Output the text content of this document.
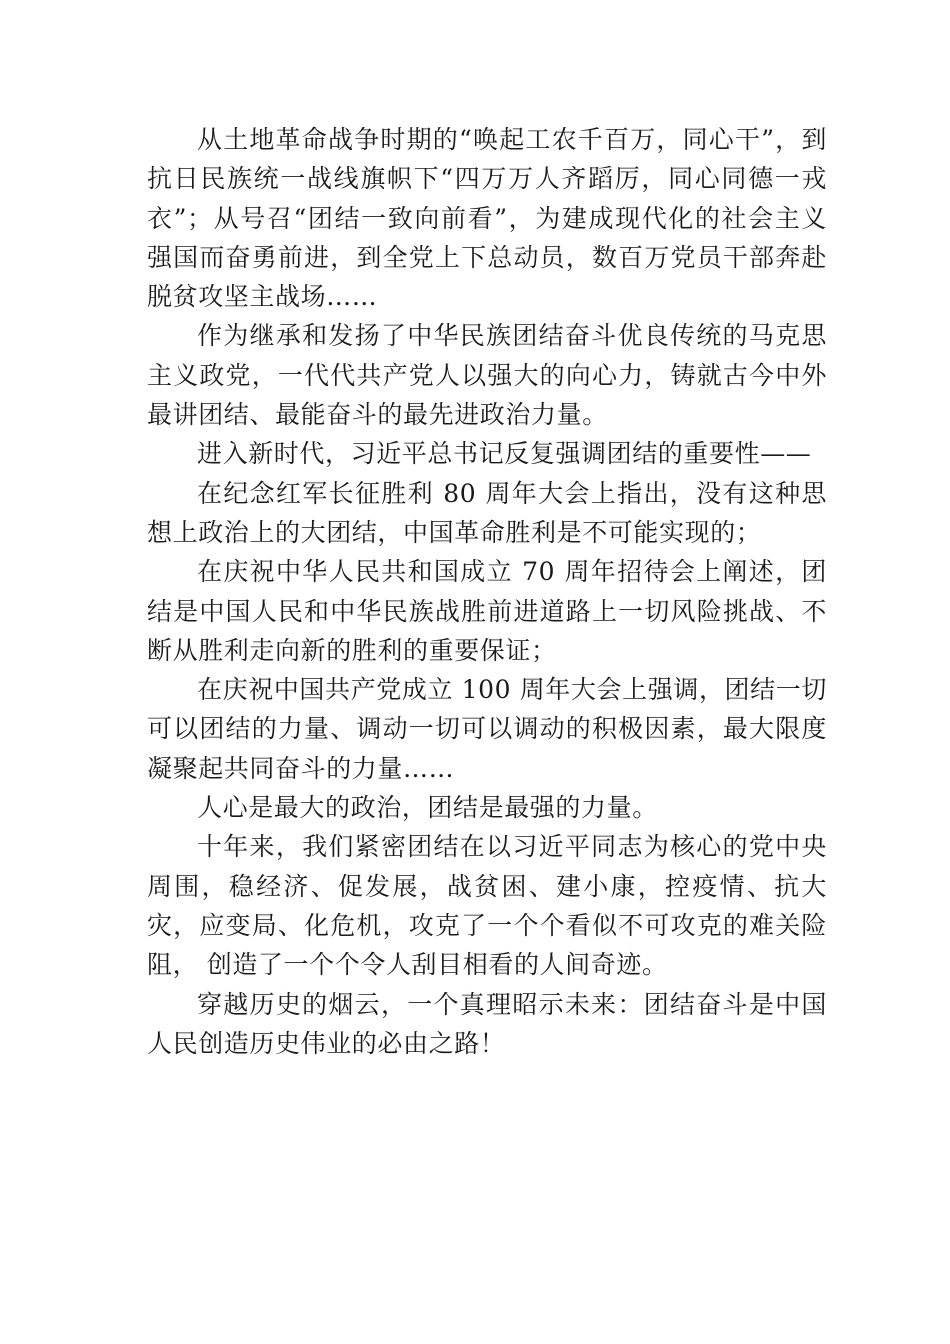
从土地革命战争时期的“唤起工农千百万，同心干”，到抗日民族统一战线旗帜下“四万万人齐蹈厉，同心同德一戎衣”；从号召“团结一致向前看”，为建成现代化的社会主义强国而奋勇前进，到全党上下总动员，数百万党员干部奔赴脱贫攻坚主战场……

作为继承和发扬了中华民族团结奋斗优良传统的马克思主义政党，一代代共产党人以强大的向心力，铸就古今中外最讲团结、最能奋斗的最先进政治力量。

进入新时代，习近平总书记反复强调团结的重要性——

在纪念红军长征胜利 80 周年大会上指出，没有这种思想上政治上的大团结，中国革命胜利是不可能实现的；

在庆祝中华人民共和国成立 70 周年招待会上阐述，团结是中国人民和中华民族战胜前进道路上一切风险挑战、不断从胜利走向新的胜利的重要保证；

在庆祝中国共产党成立 100 周年大会上强调，团结一切可以团结的力量、调动一切可以调动的积极因素，最大限度凝聚起共同奋斗的力量……

人心是最大的政治，团结是最强的力量。

十年来，我们紧密团结在以习近平同志为核心的党中央周围，稳经济、促发展，战贫困、建小康，控疫情、抗大灾，应变局、化危机，攻克了一个个看似不可攻克的难关险阻， 创造了一个个令人刮目相看的人间奇迹。

穿越历史的烟云，一个真理昭示未来：团结奋斗是中国人民创造历史伟业的必由之路！
